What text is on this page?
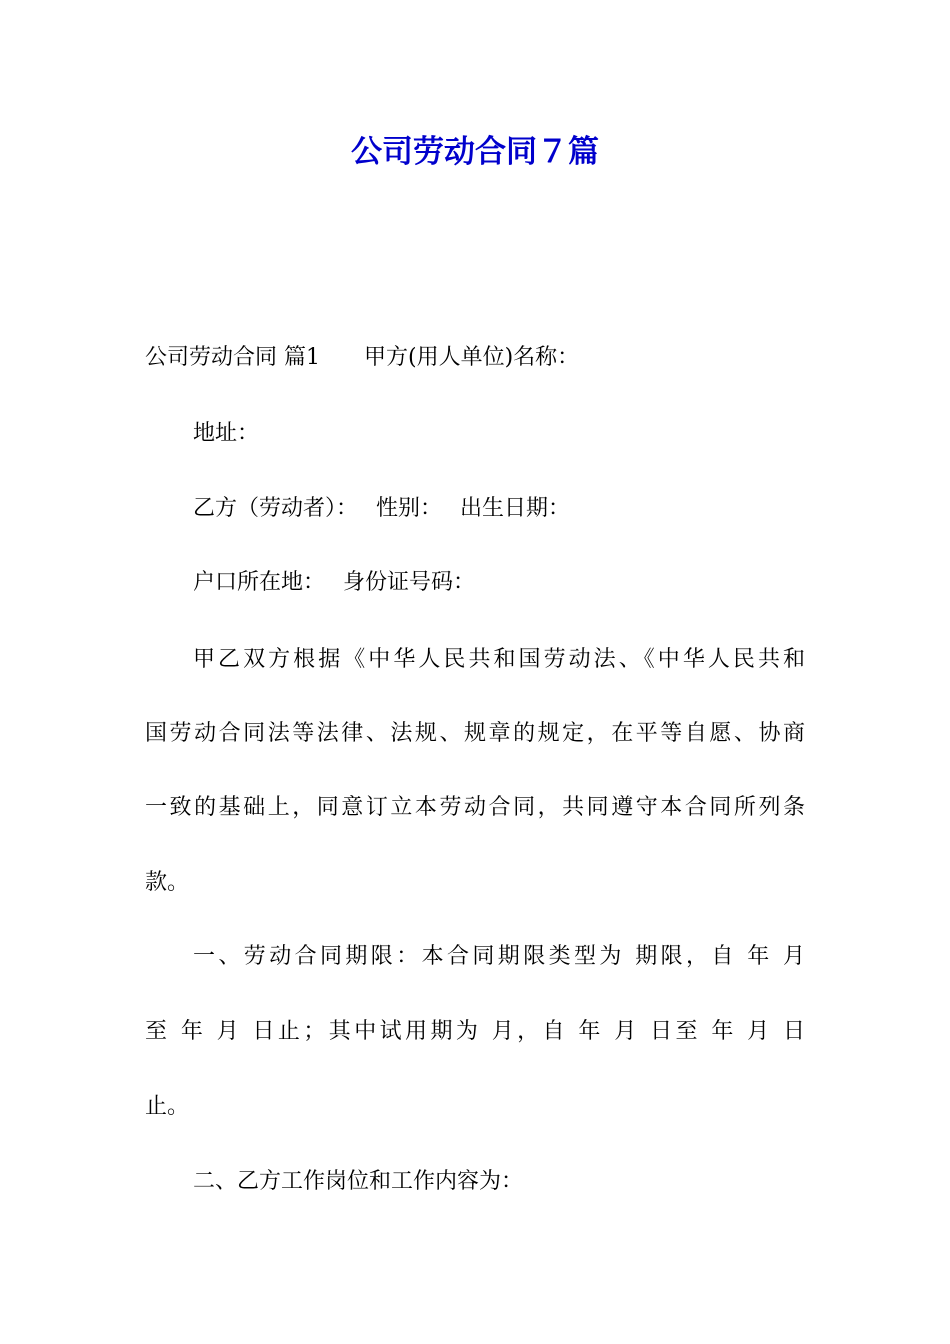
公司劳动合同７篇
公司劳动合同 篇1 甲方(用人单位)名称：
地址：
乙方（劳动者）： 性别： 出生日期：
户口所在地： 身份证号码：
甲乙双方根据《中华人民共和国劳动法、《中华人民共和
国劳动合同法等法律、法规、规章的规定，在平等自愿、协商
一致的基础上，同意订立本劳动合同，共同遵守本合同所列条
款。
一、劳动合同期限：本合同期限类型为 期限，自 年 月
至 年 月 日止；其中试用期为 月，自 年 月 日至 年 月 日
止。
二、乙方工作岗位和工作内容为：
